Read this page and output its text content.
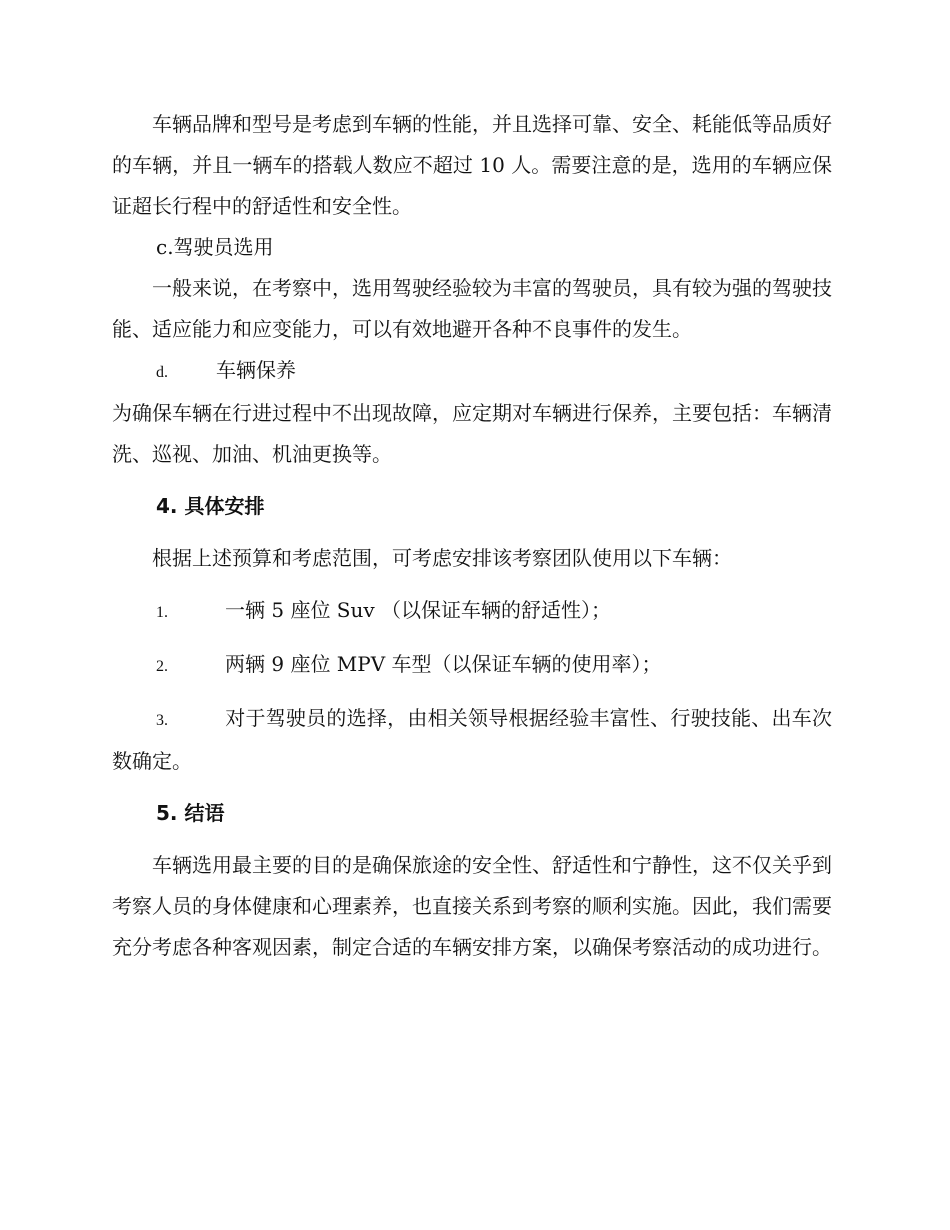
车辆品牌和型号是考虑到车辆的性能，并且选择可靠、安全、耗能低等品质好的车辆，并且一辆车的搭载人数应不超过 10 人。需要注意的是，选用的车辆应保证超长行程中的舒适性和安全性。

c.驾驶员选用

一般来说，在考察中，选用驾驶经验较为丰富的驾驶员，具有较为强的驾驶技能、适应能力和应变能力，可以有效地避开各种不良事件的发生。

d. 车辆保养

为确保车辆在行进过程中不出现故障，应定期对车辆进行保养，主要包括：车辆清洗、巡视、加油、机油更换等。

4. 具体安排

根据上述预算和考虑范围，可考虑安排该考察团队使用以下车辆：

1.	一辆 5 座位 Suv （以保证车辆的舒适性）；

2.	两辆 9 座位 MPV 车型（以保证车辆的使用率）；

3.	对于驾驶员的选择，由相关领导根据经验丰富性、行驶技能、出车次数确定。

5. 结语

车辆选用最主要的目的是确保旅途的安全性、舒适性和宁静性，这不仅关乎到考察人员的身体健康和心理素养，也直接关系到考察的顺利实施。因此，我们需要充分考虑各种客观因素，制定合适的车辆安排方案，以确保考察活动的成功进行。
